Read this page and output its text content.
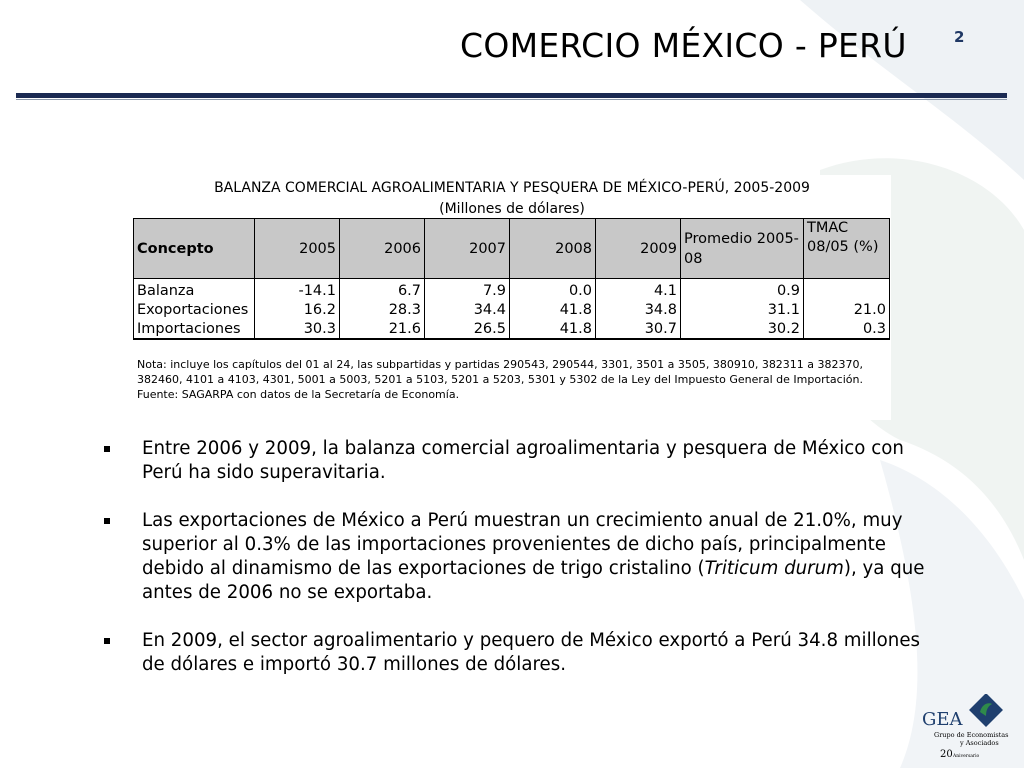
COMERCIO MÉXICO - PERÚ	2
BALANZA COMERCIAL AGROALIMENTARIA Y PESQUERA DE MÉXICO-PERÚ, 2005-2009
(Millones de dólares)
Concepto	2005	2006	2007	2008	2009	Promedio 2005-08	TMAC 08/05 (%)
Balanza	-14.1	6.7	7.9	0.0	4.1	0.9	
Exoportaciones	16.2	28.3	34.4	41.8	34.8	31.1	21.0
Importaciones	30.3	21.6	26.5	41.8	30.7	30.2	0.3
Nota: incluye los capítulos del 01 al 24, las subpartidas y partidas 290543, 290544, 3301, 3501 a 3505, 380910, 382311 a 382370, 382460, 4101 a 4103, 4301, 5001 a 5003, 5201 a 5103, 5201 a 5203, 5301 y 5302 de la Ley del Impuesto General de Importación.
Fuente: SAGARPA con datos de la Secretaría de Economía.
Entre 2006 y 2009, la balanza comercial agroalimentaria y pesquera de México con Perú ha sido superavitaria.
Las exportaciones de México a Perú muestran un crecimiento anual de 21.0%, muy superior al 0.3% de las importaciones provenientes de dicho país, principalmente debido al dinamismo de las exportaciones de trigo cristalino (Triticum durum), ya que antes de 2006 no se exportaba.
En 2009, el sector agroalimentario y pequero de México exportó a Perú 34.8 millones de dólares e importó 30.7 millones de dólares.
GEA
Grupo de Economistas
y Asociados
20 Aniversario
